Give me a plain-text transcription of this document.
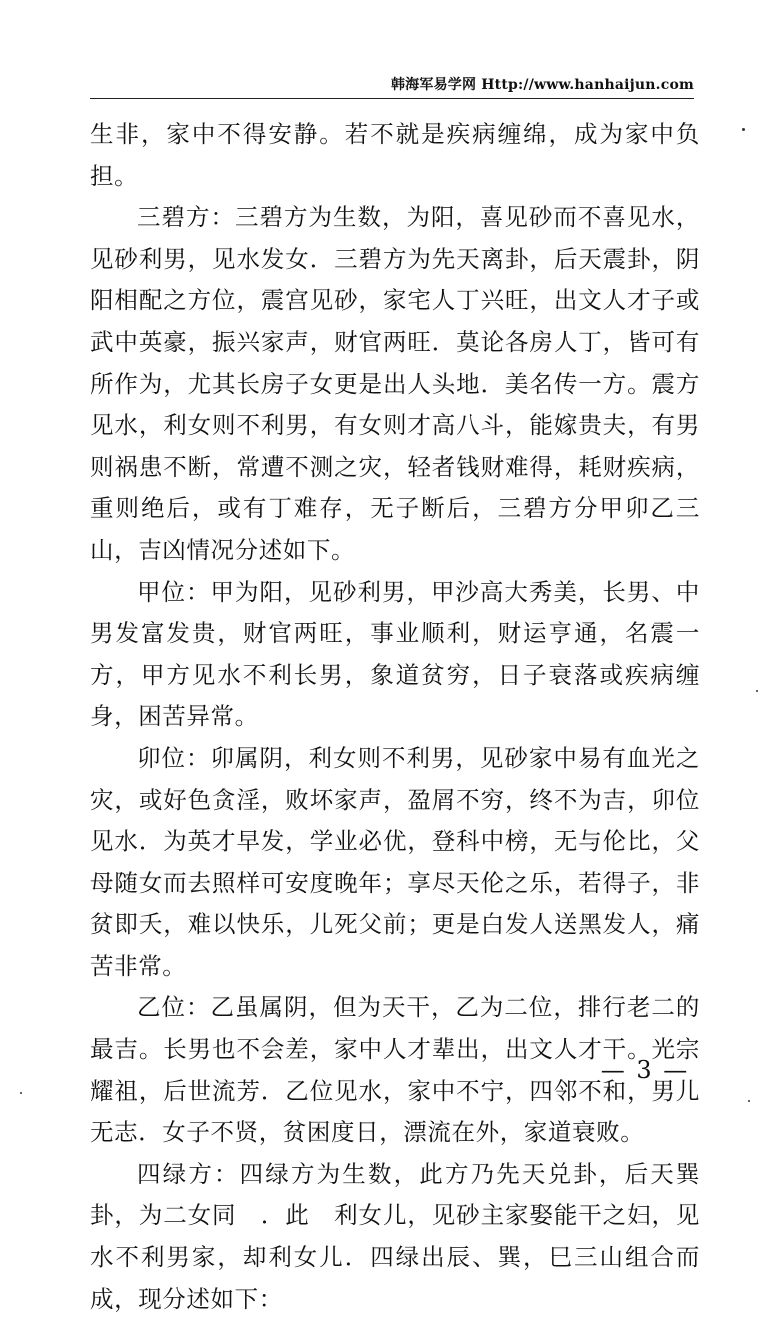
韩海军易学网 Http://www.hanhaijun.com

生非，家中不得安静。若不就是疾病缠绵，成为家中负担。

三碧方：三碧方为生数，为阳，喜见砂而不喜见水，见砂利男，见水发女．三碧方为先天离卦，后天震卦，阴阳相配之方位，震宫见砂，家宅人丁兴旺，出文人才子或武中英豪，振兴家声，财官两旺．莫论各房人丁，皆可有所作为，尤其长房子女更是出人头地．美名传一方。震方见水，利女则不利男，有女则才高八斗，能嫁贵夫，有男则祸患不断，常遭不测之灾，轻者钱财难得，耗财疾病，重则绝后，或有丁难存，无子断后，三碧方分甲卯乙三山，吉凶情况分述如下。

甲位：甲为阳，见砂利男，甲沙高大秀美，长男、中男发富发贵，财官两旺，事业顺利，财运亨通，名震一方，甲方见水不利长男，象道贫穷，日子衰落或疾病缠身，困苦异常。

卯位：卯属阴，利女则不利男，见砂家中易有血光之灾，或好色贪淫，败坏家声，盈屑不穷，终不为吉，卯位见水．为英才早发，学业必优，登科中榜，无与伦比，父母随女而去照样可安度晚年；享尽天伦之乐，若得子，非贫即夭，难以快乐，儿死父前；更是白发人送黑发人，痛苦非常。

乙位：乙虽属阴，但为天干，乙为二位，排行老二的最吉。长男也不会差，家中人才辈出，出文人才干。光宗耀祖，后世流芳．乙位见水，家中不宁，四邻不和，男儿无志．女子不贤，贫困度日，漂流在外，家道衰败。

四绿方：四绿方为生数，此方乃先天兑卦，后天巽卦，为二女同　．此　利女儿，见砂主家娶能干之妇，见水不利男家，却利女儿．四绿出辰、巽，巳三山组合而成，现分述如下：

— 3 —
